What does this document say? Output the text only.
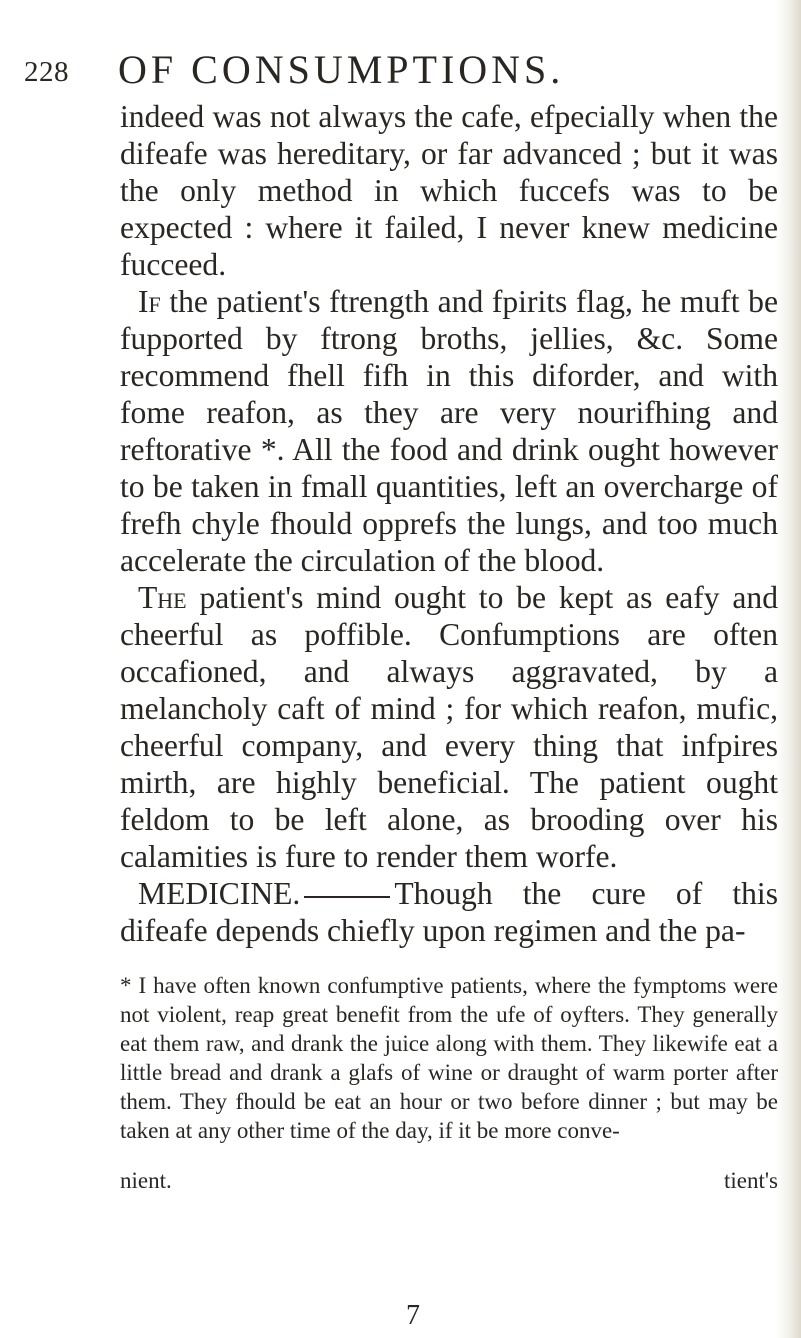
228 OF CONSUMPTIONS.

indeed was not always the cafe, efpecially when the difeafe was hereditary, or far advanced ; but it was the only method in which fuccefs was to be expected : where it failed, I never knew medicine fucceed.

If the patient's ftrength and fpirits flag, he muft be fupported by ftrong broths, jellies, &c. Some recommend fhell fifh in this diforder, and with fome reafon, as they are very nourifhing and reftorative *. All the food and drink ought however to be taken in fmall quantities, left an overcharge of frefh chyle fhould opprefs the lungs, and too much accelerate the circulation of the blood.

The patient's mind ought to be kept as eafy and cheerful as poffible. Confumptions are often occafioned, and always aggravated, by a melancholy caft of mind ; for which reafon, mufic, cheerful company, and every thing that infpires mirth, are highly beneficial. The patient ought feldom to be left alone, as brooding over his calamities is fure to render them worfe.

MEDICINE.	Though the cure of this difeafe depends chiefly upon regimen and the pa-

* I have often known confumptive patients, where the fymptoms were not violent, reap great benefit from the ufe of oyfters. They generally eat them raw, and drank the juice along with them. They likewife eat a little bread and drank a glafs of wine or draught of warm porter after them. They fhould be eat an hour or two before dinner ; but may be taken at any other time of the day, if it be more conve-

nient.	tient's
7
